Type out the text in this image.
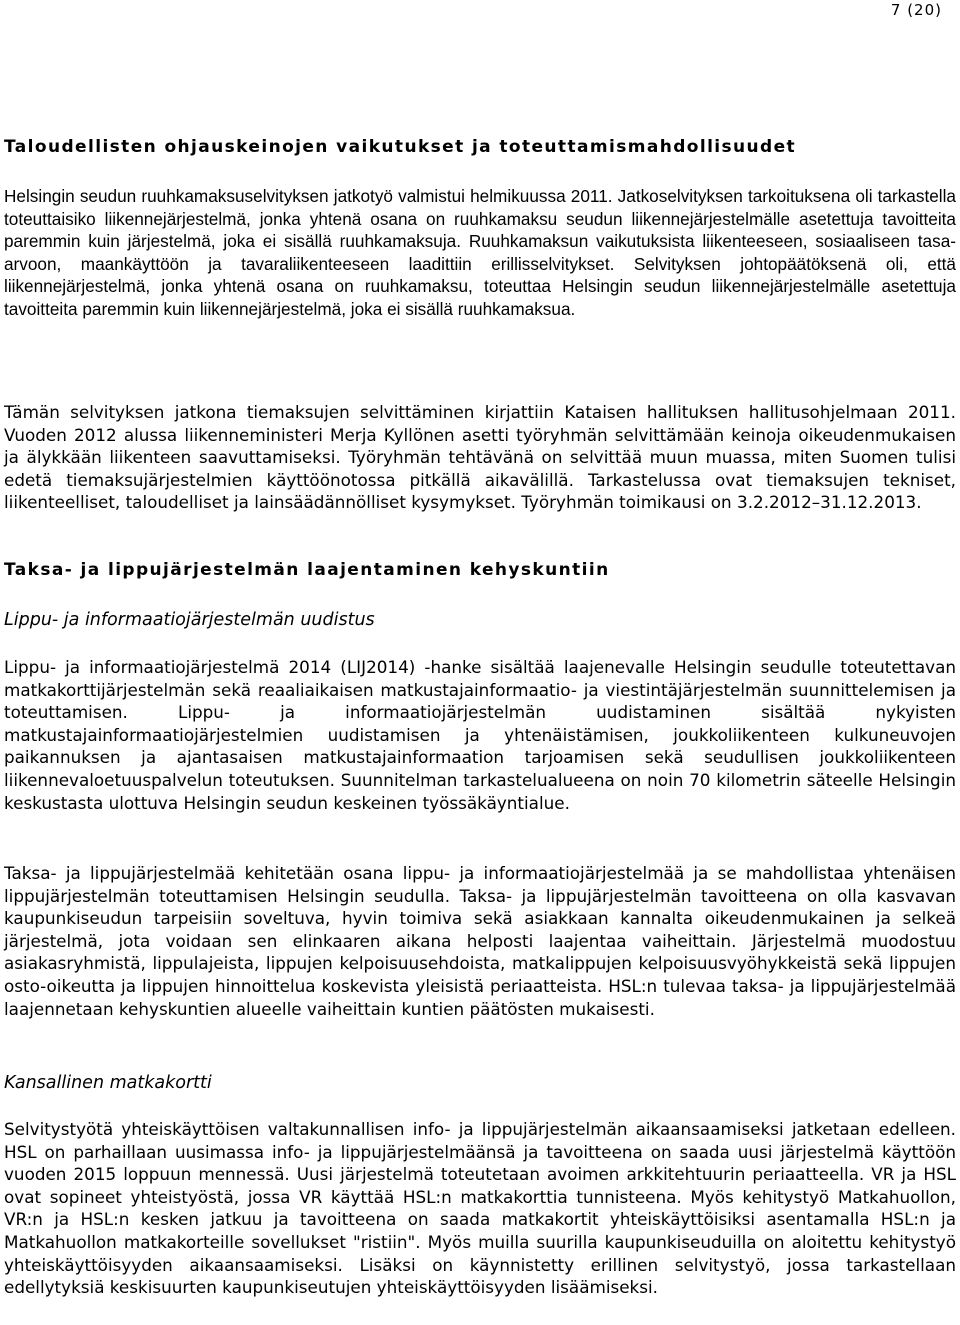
7 (20)
Taloudellisten ohjauskeinojen vaikutukset ja toteuttamismahdollisuudet

Helsingin seudun ruuhkamaksuselvityksen jatkotyö valmistui helmikuussa 2011. Jatkoselvityksen tarkoituksena oli tarkastella toteuttaisiko liikennejärjestelmä, jonka yhtenä osana on ruuhkamaksu seudun liikennejärjestelmälle asetettuja tavoitteita paremmin kuin järjestelmä, joka ei sisällä ruuhkamaksuja. Ruuhkamaksun vaikutuksista liikenteeseen, sosiaaliseen tasa-arvoon, maankäyttöön ja tavaraliikenteeseen laadittiin erillisselvitykset. Selvityksen johtopäätöksenä oli, että liikennejärjestelmä, jonka yhtenä osana on ruuhkamaksu, toteuttaa Helsingin seudun liikennejärjestelmälle asetettuja tavoitteita paremmin kuin liikennejärjestelmä, joka ei sisällä ruuhkamaksua.

Tämän selvityksen jatkona tiemaksujen selvittäminen kirjattiin Kataisen hallituksen hallitusohjelmaan 2011. Vuoden 2012 alussa liikenneministeri Merja Kyllönen asetti työryhmän selvittämään keinoja oikeudenmukaisen ja älykkään liikenteen saavuttamiseksi. Työryhmän tehtävänä on selvittää muun muassa, miten Suomen tulisi edetä tiemaksujärjestelmien käyttöönotossa pitkällä aikavälillä. Tarkastelussa ovat tiemaksujen tekniset, liikenteelliset, taloudelliset ja lainsäädännölliset kysymykset. Työryhmän toimikausi on 3.2.2012–31.12.2013.

Taksa- ja lippujärjestelmän laajentaminen kehyskuntiin
Lippu- ja informaatiojärjestelmän uudistus

Lippu- ja informaatiojärjestelmä 2014 (LIJ2014) -hanke sisältää laajenevalle Helsingin seudulle toteutettavan matkakorttijärjestelmän sekä reaaliaikaisen matkustajainformaatio- ja viestintäjärjestelmän suunnittelemisen ja toteuttamisen. Lippu- ja informaatiojärjestelmän uudistaminen sisältää nykyisten matkustajainformaatiojärjestelmien uudistamisen ja yhtenäistämisen, joukkoliikenteen kulkuneuvojen paikannuksen ja ajantasaisen matkustajainformaation tarjoamisen sekä seudullisen joukkoliikenteen liikennevaloetuuspalvelun toteutuksen. Suunnitelman tarkastelualueena on noin 70 kilometrin säteelle Helsingin keskustasta ulottuva Helsingin seudun keskeinen työssäkäyntialue.

Taksa- ja lippujärjestelmää kehitetään osana lippu- ja informaatiojärjestelmää ja se mahdollistaa yhtenäisen lippujärjestelmän toteuttamisen Helsingin seudulla. Taksa- ja lippujärjestelmän tavoitteena on olla kasvavan kaupunkiseudun tarpeisiin soveltuva, hyvin toimiva sekä asiakkaan kannalta oikeudenmukainen ja selkeä järjestelmä, jota voidaan sen elinkaaren aikana helposti laajentaa vaiheittain. Järjestelmä muodostuu asiakasryhmistä, lippulajeista, lippujen kelpoisuusehdoista, matkalippujen kelpoisuusvyöhykkeistä sekä lippujen osto-oikeutta ja lippujen hinnoittelua koskevista yleisistä periaatteista. HSL:n tulevaa taksa- ja lippujärjestelmää laajennetaan kehyskuntien alueelle vaiheittain kuntien päätösten mukaisesti.

Kansallinen matkakortti

Selvitystyötä yhteiskäyttöisen valtakunnallisen info- ja lippujärjestelmän aikaansaamiseksi jatketaan edelleen. HSL on parhaillaan uusimassa info- ja lippujärjestelmäänsä ja tavoitteena on saada uusi järjestelmä käyttöön vuoden 2015 loppuun mennessä. Uusi järjestelmä toteutetaan avoimen arkkitehtuurin periaatteella. VR ja HSL ovat sopineet yhteistyöstä, jossa VR käyttää HSL:n matkakorttia tunnisteena. Myös kehitystyö Matkahuollon, VR:n ja HSL:n kesken jatkuu ja tavoitteena on saada matkakortit yhteiskäyttöisiksi asentamalla HSL:n ja Matkahuollon matkakorteille sovellukset "ristiin". Myös muilla suurilla kaupunkiseuduilla on aloitettu kehitystyö yhteiskäyttöisyyden aikaansaamiseksi. Lisäksi on käynnistetty erillinen selvitystyö, jossa tarkastellaan edellytyksiä keskisuurten kaupunkiseutujen yhteiskäyttöisyyden lisäämiseksi.
